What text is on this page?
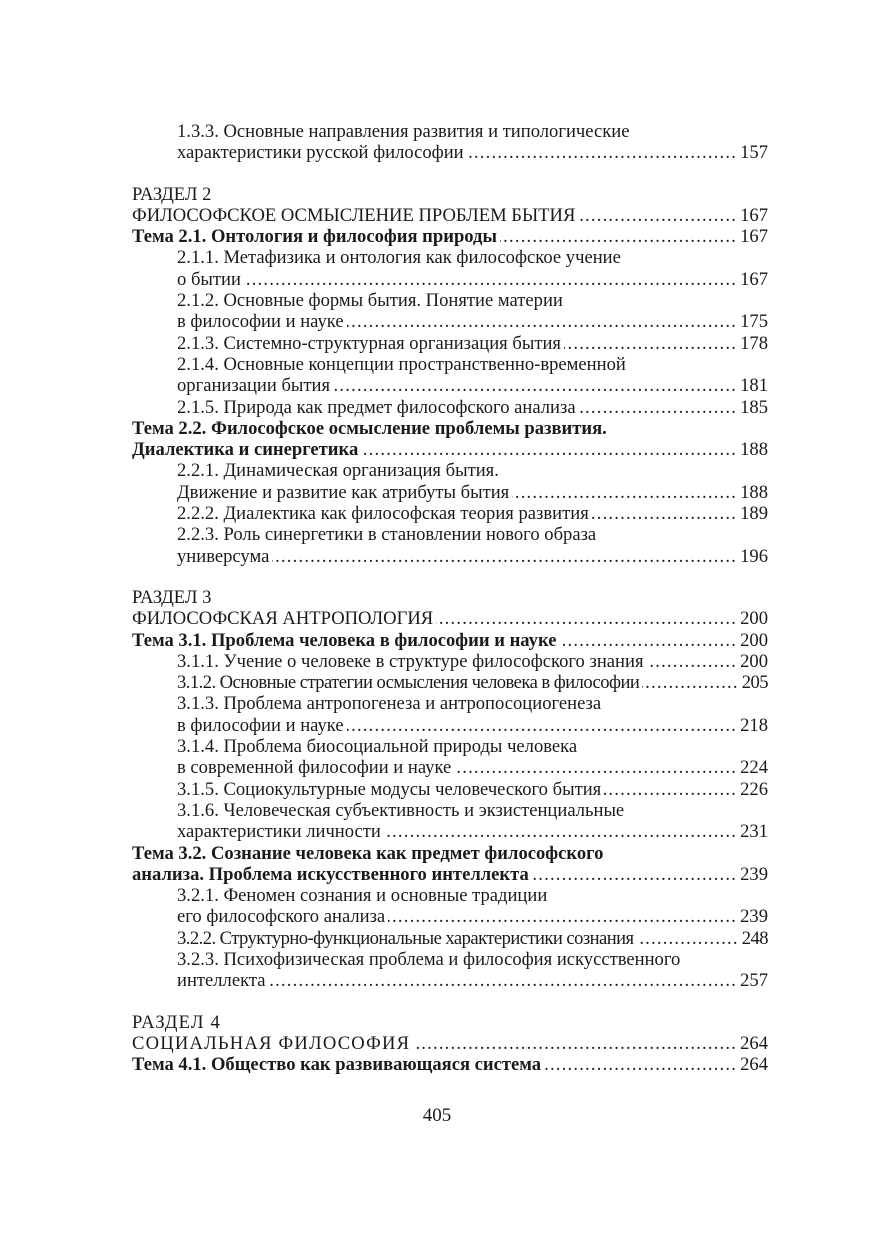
1.3.3. Основные направления развития и типологические
характеристики русской философии .....	157
РАЗДЕЛ 2
ФИЛОСОФСКОЕ ОСМЫСЛЕНИЕ ПРОБЛЕМ БЫТИЯ .....	167
Тема 2.1. Онтология и философия природы .....	167
2.1.1. Метафизика и онтология как философское учение
о бытии .....	167
2.1.2. Основные формы бытия. Понятие материи
в философии и науке .....	175
2.1.3. Системно-структурная организация бытия .....	178
2.1.4. Основные концепции пространственно-временной
организации бытия .....	181
2.1.5. Природа как предмет философского анализа .....	185
Тема 2.2. Философское осмысление проблемы развития.
Диалектика и синергетика .....	188
2.2.1. Динамическая организация бытия.
Движение и развитие как атрибуты бытия .....	188
2.2.2. Диалектика как философская теория развития .....	189
2.2.3. Роль синергетики в становлении нового образа
универсума .....	196
РАЗДЕЛ 3
ФИЛОСОФСКАЯ АНТРОПОЛОГИЯ .....	200
Тема 3.1. Проблема человека в философии и науке .....	200
3.1.1. Учение о человеке в структуре философского знания .....	200
3.1.2. Основные стратегии осмысления человека в философии .....	205
3.1.3. Проблема антропогенеза и антропосоциогенеза
в философии и науке .....	218
3.1.4. Проблема биосоциальной природы человека
в современной философии и науке .....	224
3.1.5. Социокультурные модусы человеческого бытия .....	226
3.1.6. Человеческая субъективность и экзистенциальные
характеристики личности .....	231
Тема 3.2. Сознание человека как предмет философского
анализа. Проблема искусственного интеллекта .....	239
3.2.1. Феномен сознания и основные традиции
его философского анализа .....	239
3.2.2. Структурно-функциональные характеристики сознания .....	248
3.2.3. Психофизическая проблема и философия искусственного
интеллекта .....	257
РАЗДЕЛ 4
СОЦИАЛЬНАЯ ФИЛОСОФИЯ .....	264
Тема 4.1. Общество как развивающаяся система .....	264
405
